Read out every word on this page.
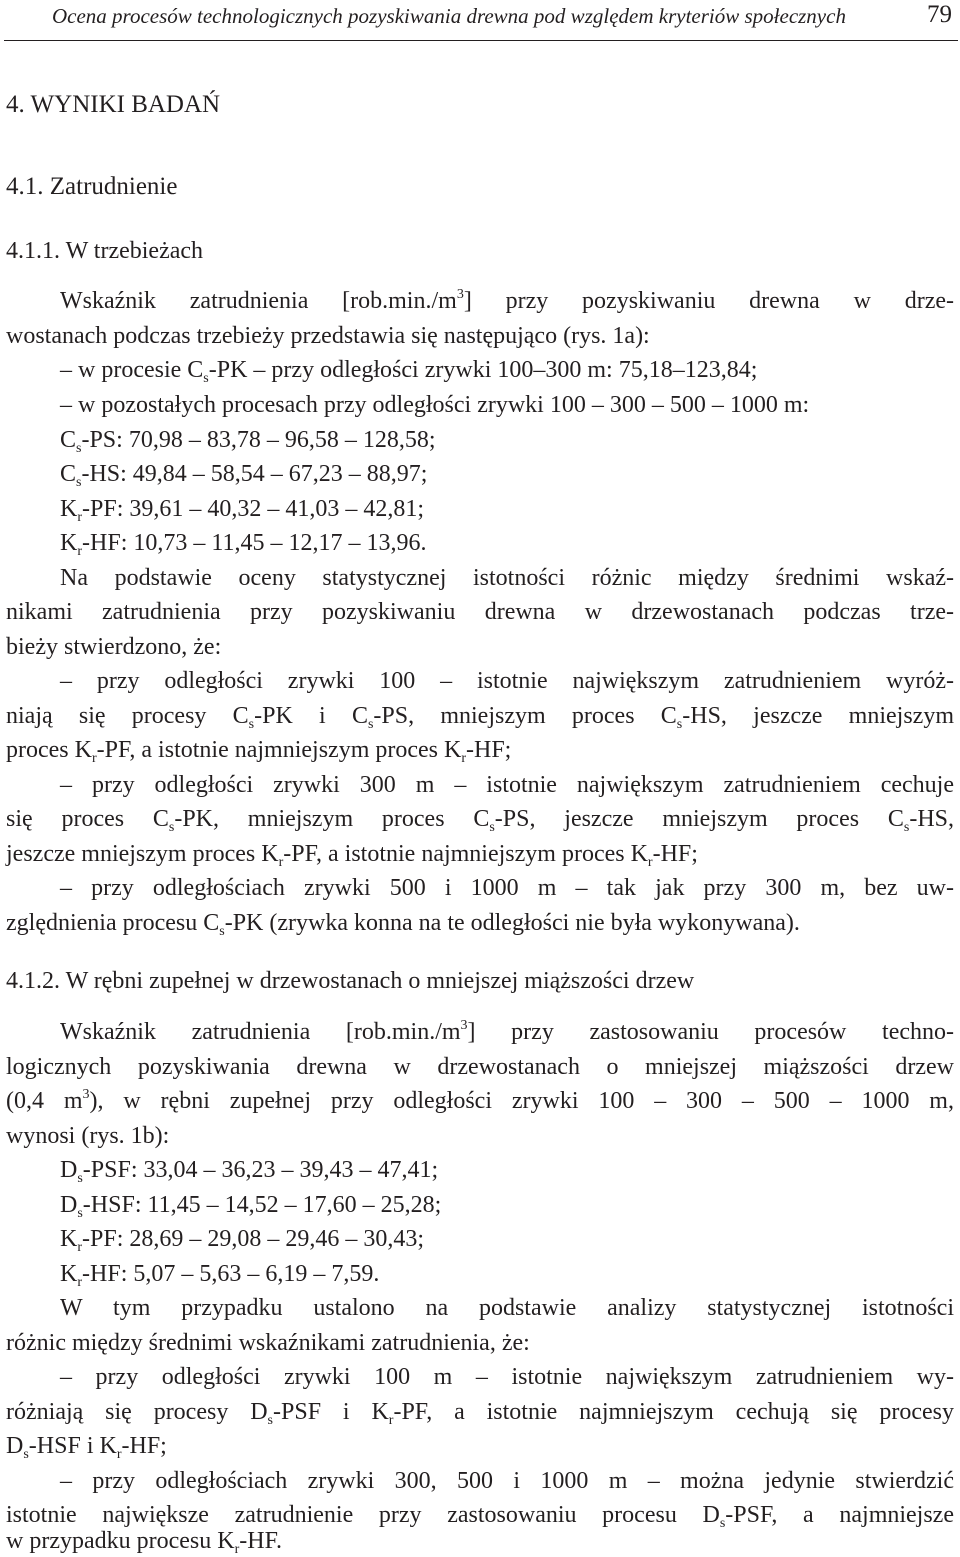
Ocena procesów technologicznych pozyskiwania drewna pod względem kryteriów społecznych	79
4. WYNIKI BADAŃ
4.1. Zatrudnienie
4.1.1. W trzebieżach
Wskaźnik zatrudnienia $[rob.\min./m^3]$ przy pozyskiwaniu drewna w drze-
wostanach podczas trzebieży przedstawia się następująco (rys. 1a):
– w procesie $C_s-PK$ – przy odległości zrywki 100–300 m: 75,18–123,84;
– w pozostałych procesach przy odległości zrywki 100 – 300 – 500 – 1000 m:
$C_s-PS$: 70,98 – 83,78 – 96,58 – 128,58;
$C_s-HS$: 49,84 – 58,54 – 67,23 – 88,97;
$K_r-PF$: 39,61 – 40,32 – 41,03 – 42,81;
$K_r-HF$: 10,73 – 11,45 – 12,17 – 13,96.
Na podstawie oceny statystycznej istotności różnic między średnimi wskaź-
nikami zatrudnienia przy pozyskiwaniu drewna w drzewostanach podczas trze-
bieży stwierdzono, że:
– przy odległości zrywki 100 – istotnie największym zatrudnieniem wyróż-
niają się procesy $C_s-PK$ i $C_s-PS$, mniejszym proces $C_s-HS$, jeszcze mniejszym
proces $K_r-PF$, a istotnie najmniejszym proces $K_r-HF$;
– przy odległości zrywki 300 m – istotnie największym zatrudnieniem cechuje
się proces $C_s-PK$, mniejszym proces $C_s-PS$, jeszcze mniejszym proces $C_s-HS$,
jeszcze mniejszym proces $K_r-PF$, a istotnie najmniejszym proces $K_r-HF$;
– przy odległościach zrywki 500 i 1000 m – tak jak przy 300 m, bez uw-
zględnienia procesu $C_s-PK$ (zrywka konna na te odległości nie była wykonywana).
4.1.2. W rębni zupełnej w drzewostanach o mniejszej miąższości drzew
Wskaźnik zatrudnienia $[rob.\min./m^3]$ przy zastosowaniu procesów techno-
logicznych pozyskiwania drewna w drzewostanach o mniejszej miąższości drzew
(0,4 $m^3$), w rębni zupełnej przy odległości zrywki 100 – 300 – 500 – 1000 m,
wynosi (rys. 1b):
$D_s$-PSF: 33,04 – 36,23 – 39,43 – 47,41;
$D_s$-HSF: 11,45 – 14,52 – 17,60 – 25,28;
$K_r-PF$: 28,69 – 29,08 – 29,46 – 30,43;
$K_r-HF$: 5,07 – 5,63 – 6,19 – 7,59.
W tym przypadku ustalono na podstawie analizy statystycznej istotności
różnic między średnimi wskaźnikami zatrudnienia, że:
– przy odległości zrywki 100 m – istotnie największym zatrudnieniem wy-
różniają się procesy $D_s$-PSF i $K_r-PF$, a istotnie najmniejszym cechują się procesy
$D_s$-HSF i $K_r-HF$;
– przy odległościach zrywki 300, 500 i 1000 m – można jedynie stwierdzić
istotnie największe zatrudnienie przy zastosowaniu procesu $D_s$-PSF, a najmniejsze
w przypadku procesu $K_r-HF$.
